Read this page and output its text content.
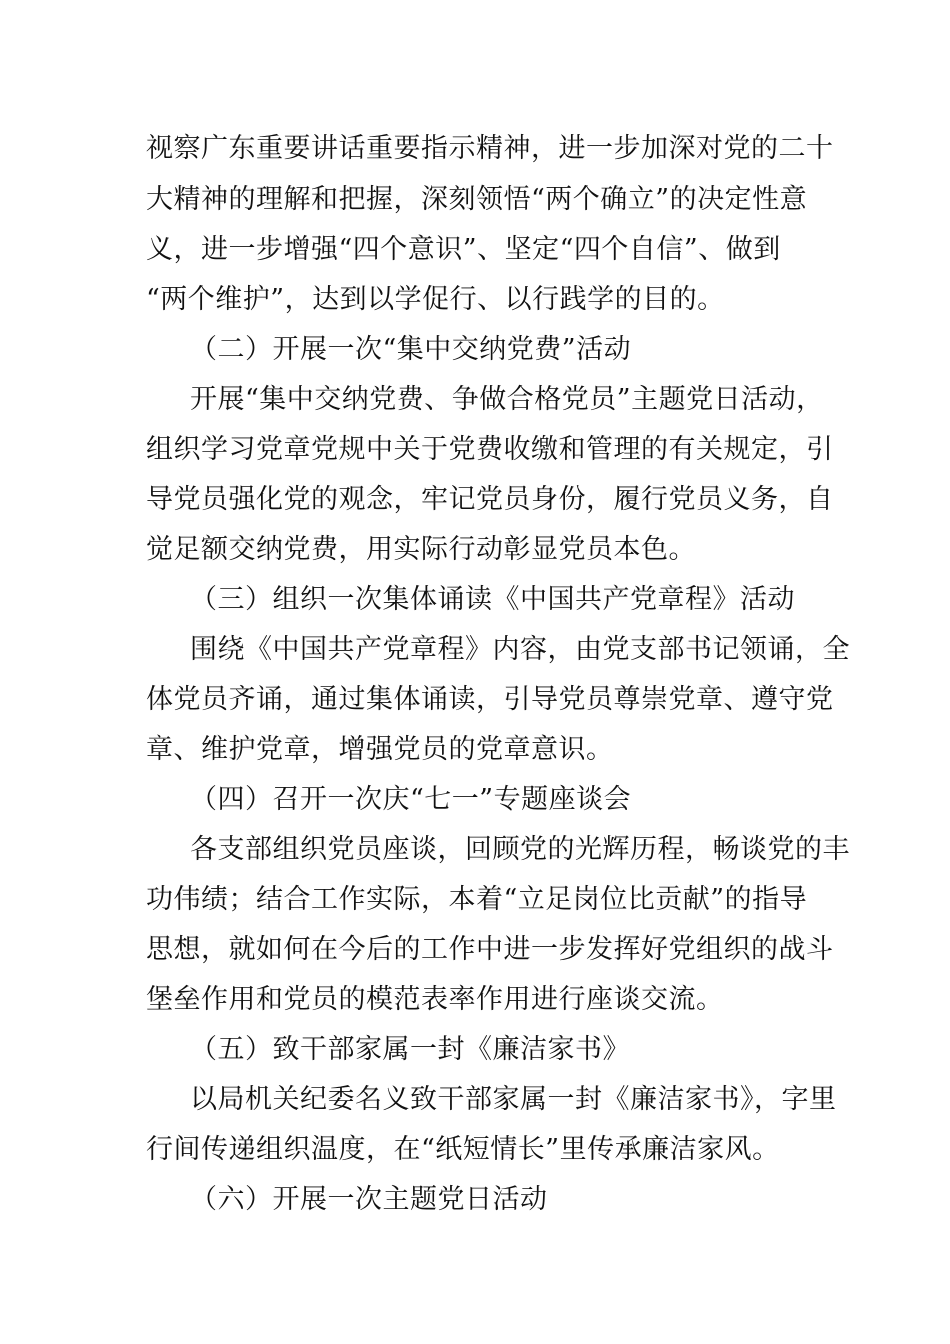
视察广东重要讲话重要指示精神，进一步加深对党的二十
大精神的理解和把握，深刻领悟“两个确立”的决定性意
义，进一步增强“四个意识”、坚定“四个自信”、做到
“两个维护”，达到以学促行、以行践学的目的。
（二）开展一次“集中交纳党费”活动
开展“集中交纳党费、争做合格党员”主题党日活动，
组织学习党章党规中关于党费收缴和管理的有关规定，引
导党员强化党的观念，牢记党员身份，履行党员义务，自
觉足额交纳党费，用实际行动彰显党员本色。
（三）组织一次集体诵读《中国共产党章程》活动
围绕《中国共产党章程》内容，由党支部书记领诵，全
体党员齐诵，通过集体诵读，引导党员尊崇党章、遵守党
章、维护党章，增强党员的党章意识。
（四）召开一次庆“七一”专题座谈会
各支部组织党员座谈，回顾党的光辉历程，畅谈党的丰
功伟绩；结合工作实际，本着“立足岗位比贡献”的指导
思想，就如何在今后的工作中进一步发挥好党组织的战斗
堡垒作用和党员的模范表率作用进行座谈交流。
（五）致干部家属一封《廉洁家书》
以局机关纪委名义致干部家属一封《廉洁家书》，字里
行间传递组织温度，在“纸短情长”里传承廉洁家风。
（六）开展一次主题党日活动
